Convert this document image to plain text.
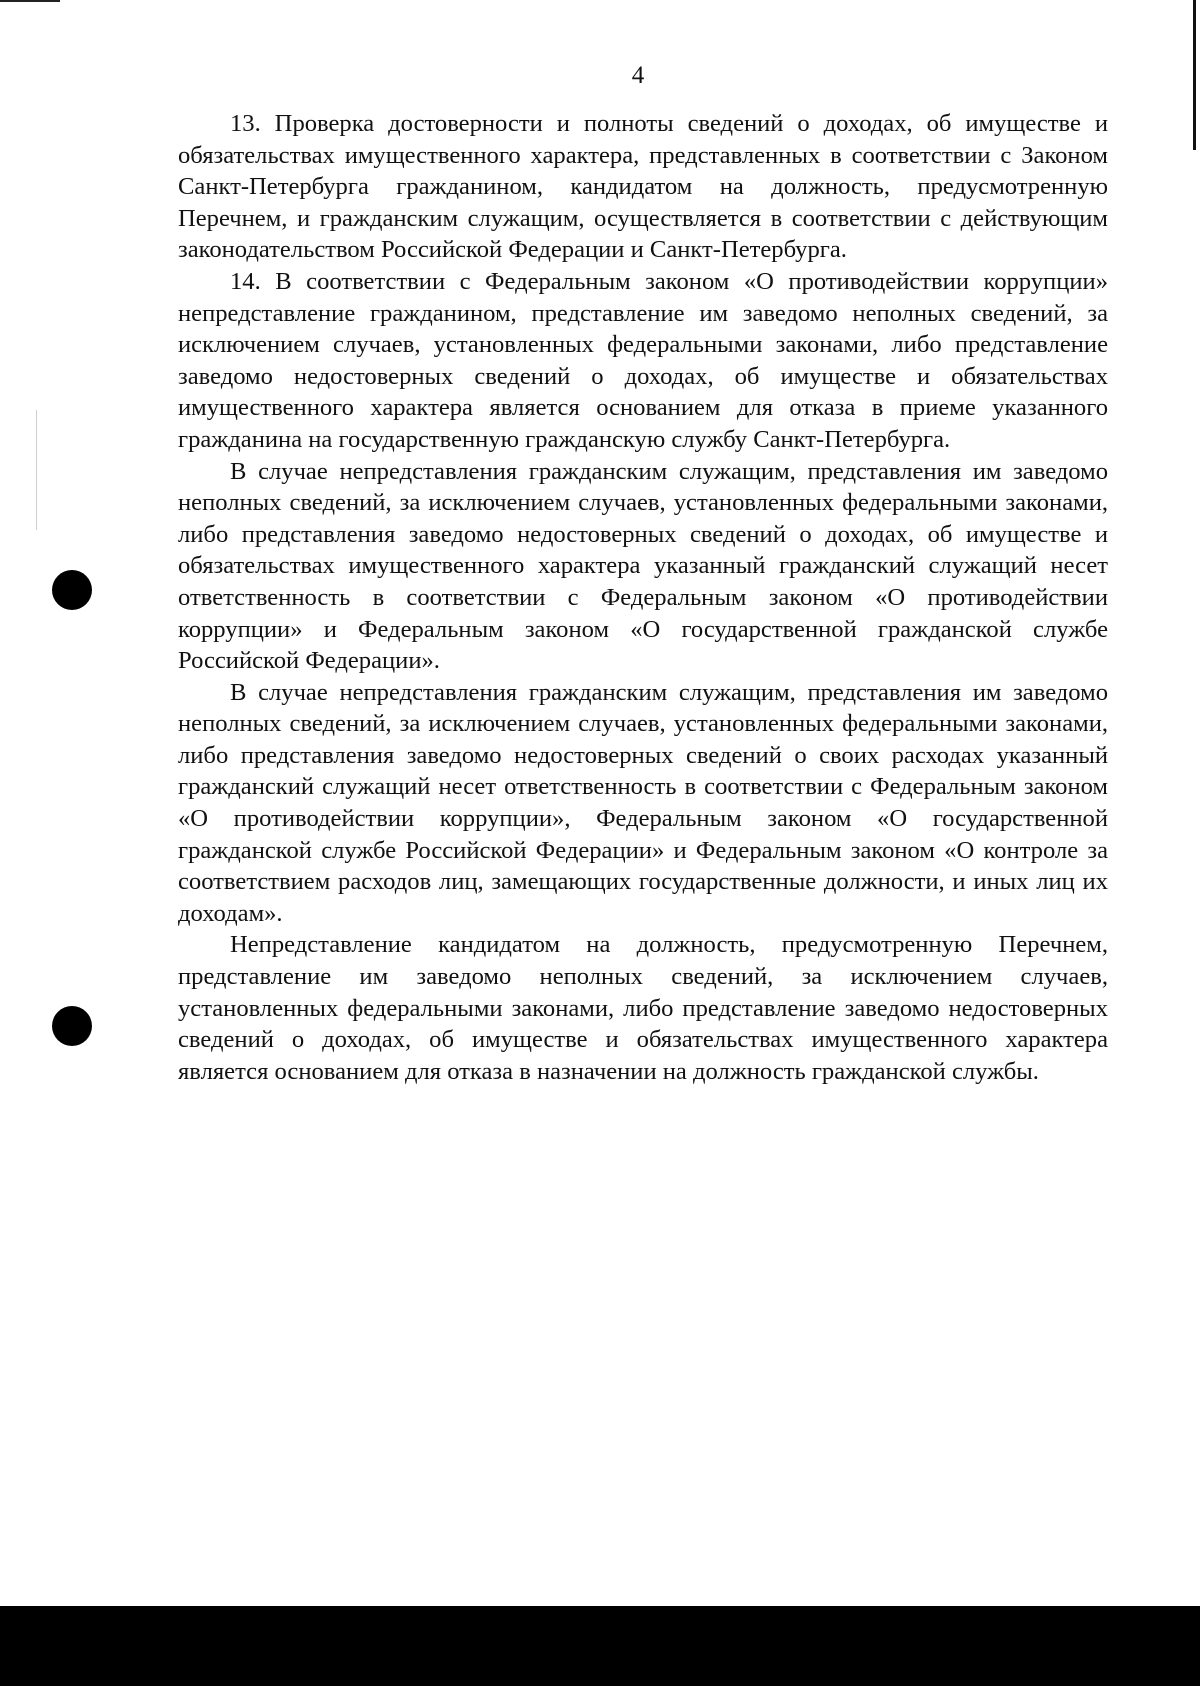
4

13. Проверка достоверности и полноты сведений о доходах, об имуществе и обязательствах имущественного характера, представленных в соответствии с Законом Санкт-Петербурга гражданином, кандидатом на должность, предусмотренную Перечнем, и гражданским служащим, осуществляется в соответствии с действующим законодательством Российской Федерации и Санкт-Петербурга.

14. В соответствии с Федеральным законом «О противодействии коррупции» непредставление гражданином, представление им заведомо неполных сведений, за исключением случаев, установленных федеральными законами, либо представление заведомо недостоверных сведений о доходах, об имуществе и обязательствах имущественного характера является основанием для отказа в приеме указанного гражданина на государственную гражданскую службу Санкт-Петербурга.

В случае непредставления гражданским служащим, представления им заведомо неполных сведений, за исключением случаев, установленных федеральными законами, либо представления заведомо недостоверных сведений о доходах, об имуществе и обязательствах имущественного характера указанный гражданский служащий несет ответственность в соответствии с Федеральным законом «О противодействии коррупции» и Федеральным законом «О государственной гражданской службе Российской Федерации».

В случае непредставления гражданским служащим, представления им заведомо неполных сведений, за исключением случаев, установленных федеральными законами, либо представления заведомо недостоверных сведений о своих расходах указанный гражданский служащий несет ответственность в соответствии с Федеральным законом «О противодействии коррупции», Федеральным законом «О государственной гражданской службе Российской Федерации» и Федеральным законом «О контроле за соответствием расходов лиц, замещающих государственные должности, и иных лиц их доходам».

Непредставление кандидатом на должность, предусмотренную Перечнем, представление им заведомо неполных сведений, за исключением случаев, установленных федеральными законами, либо представление заведомо недостоверных сведений о доходах, об имуществе и обязательствах имущественного характера является основанием для отказа в назначении на должность гражданской службы.
